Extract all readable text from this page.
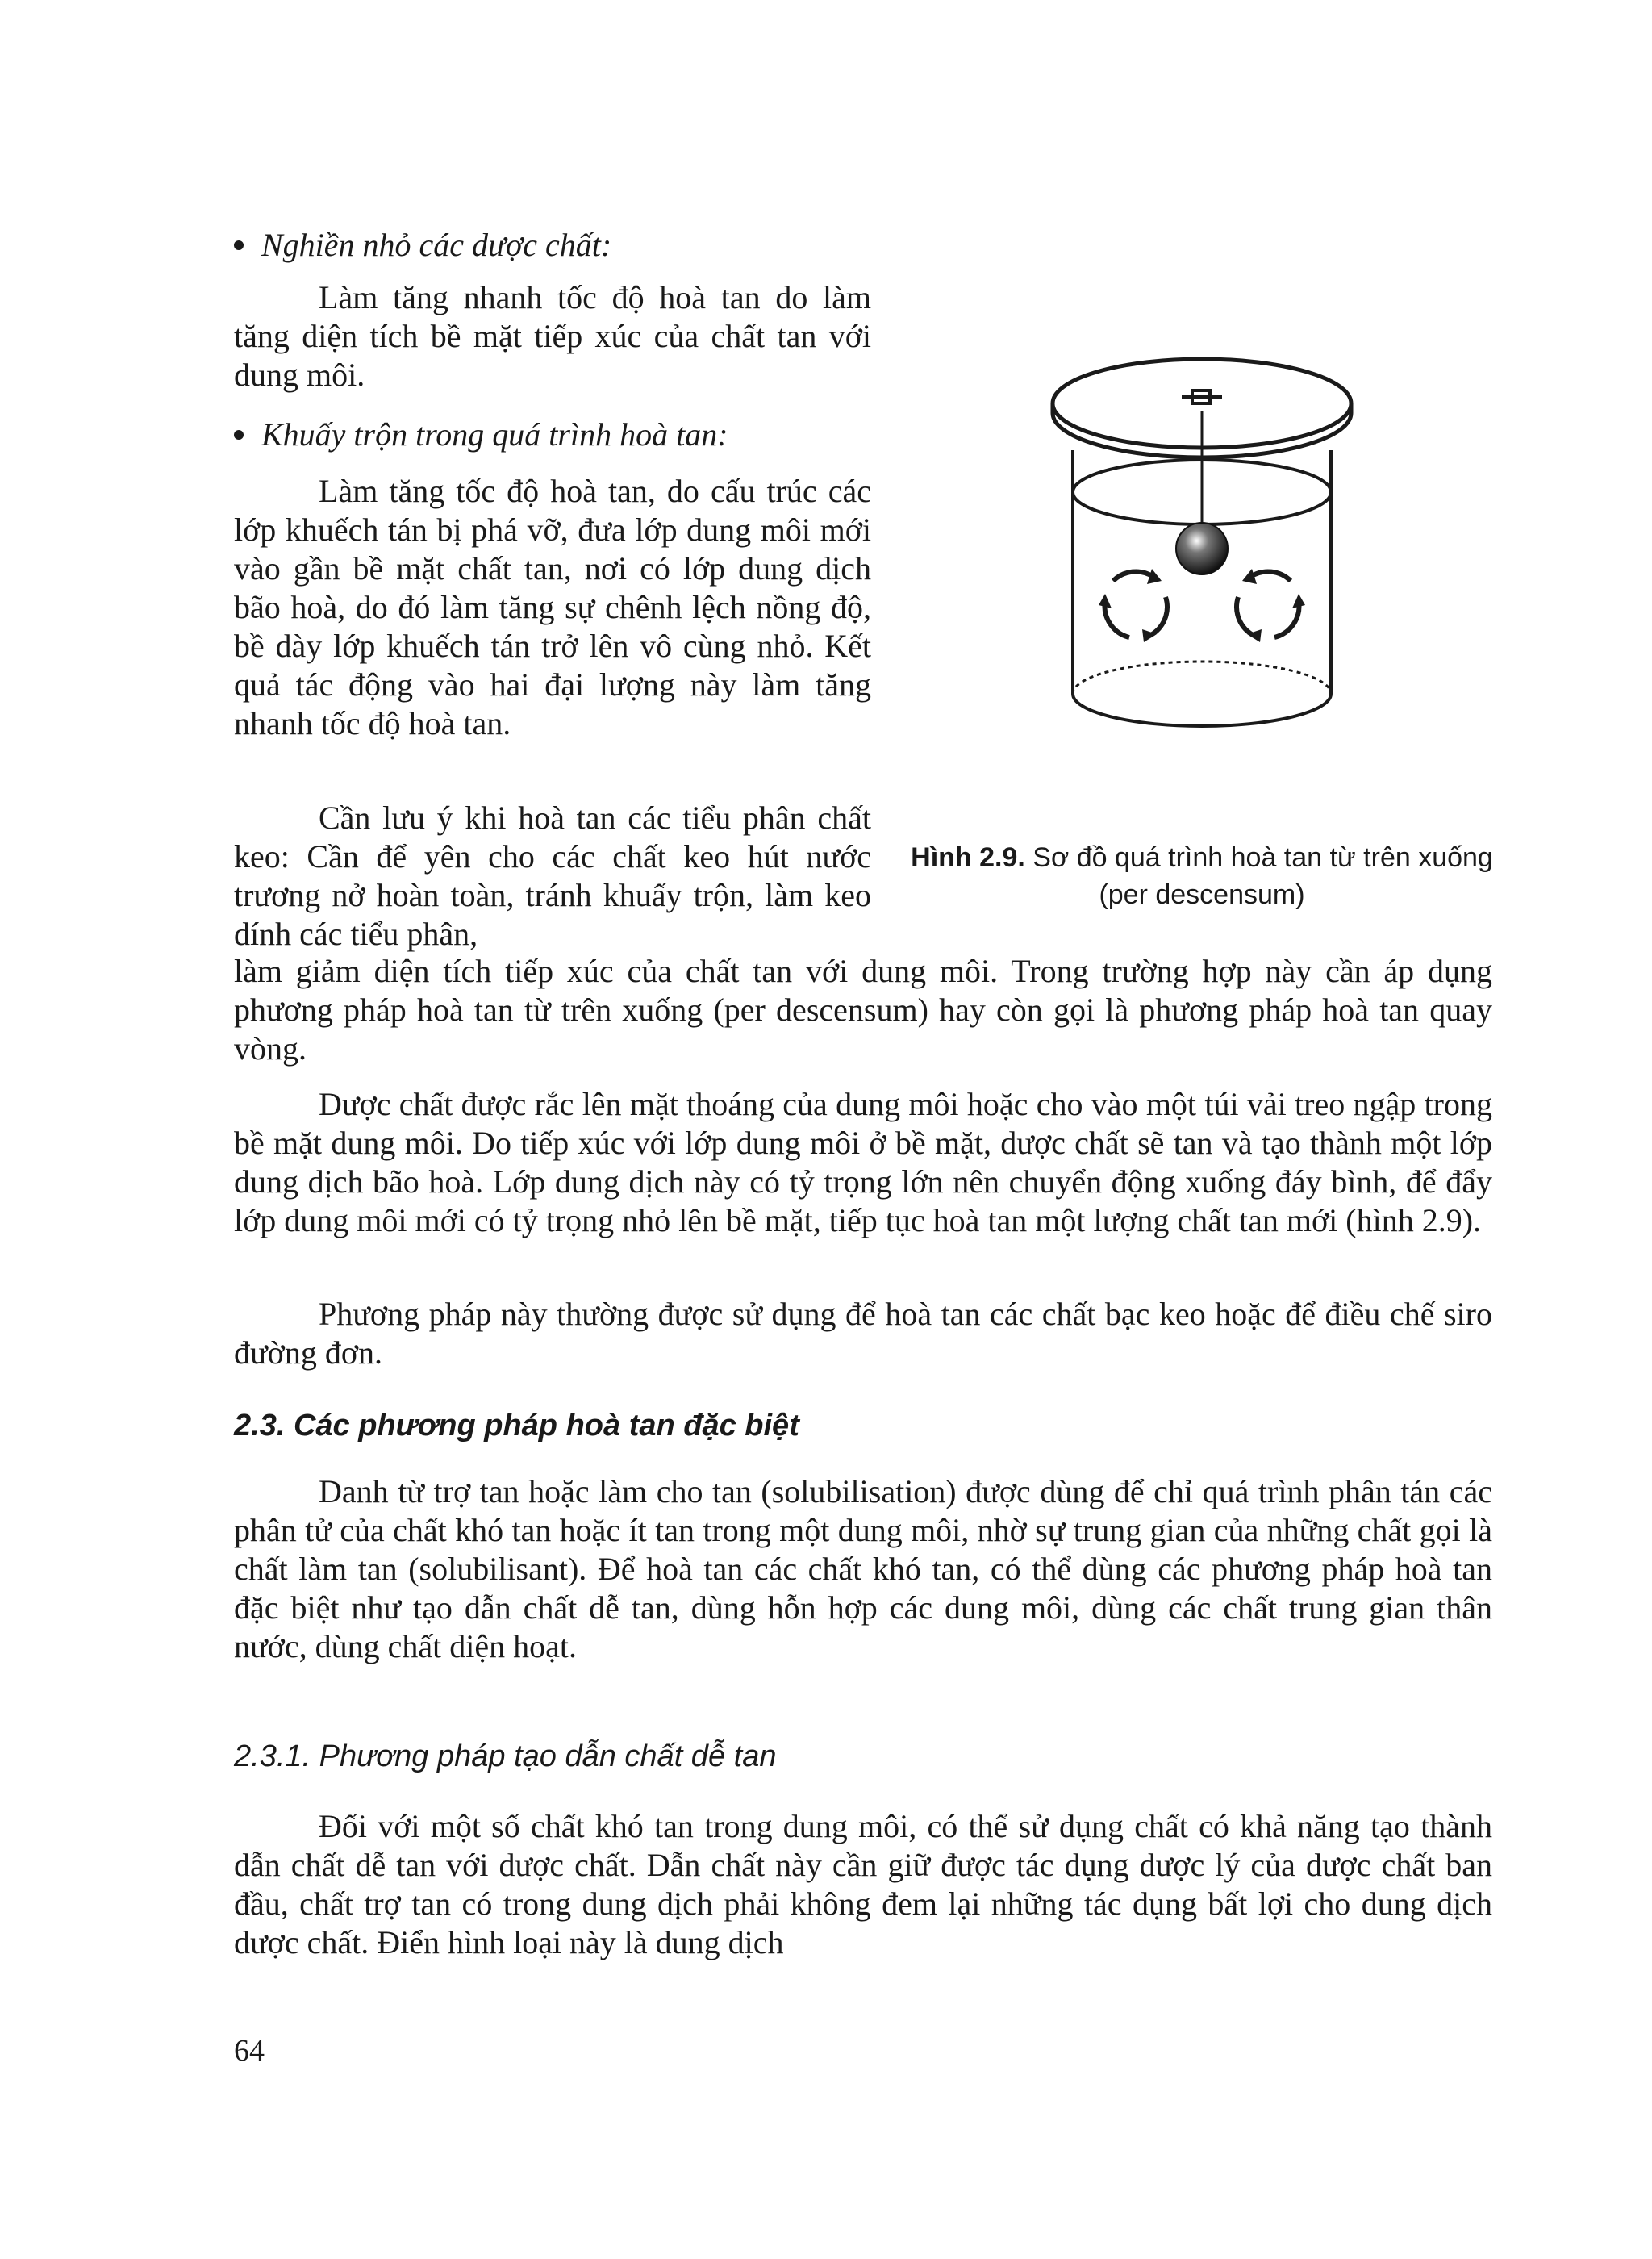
Nghiền nhỏ các dược chất:
Làm tăng nhanh tốc độ hoà tan do làm tăng diện tích bề mặt tiếp xúc của chất tan với dung môi.
Khuấy trộn trong quá trình hoà tan:
Làm tăng tốc độ hoà tan, do cấu trúc các lớp khuếch tán bị phá vỡ, đưa lớp dung môi mới vào gần bề mặt chất tan, nơi có lớp dung dịch bão hoà, do đó làm tăng sự chênh lệch nồng độ, bề dày lớp khuếch tán trở lên vô cùng nhỏ. Kết quả tác động vào hai đại lượng này làm tăng nhanh tốc độ hoà tan.
Cần lưu ý khi hoà tan các tiểu phân chất keo: Cần để yên cho các chất keo hút nước trương nở hoàn toàn, tránh khuấy trộn, làm keo dính các tiểu phân,
làm giảm diện tích tiếp xúc của chất tan với dung môi. Trong trường hợp này cần áp dụng phương pháp hoà tan từ trên xuống (per descensum) hay còn gọi là phương pháp hoà tan quay vòng.
Hình 2.9. Sơ đồ quá trình hoà tan từ trên xuống (per descensum)
Dược chất được rắc lên mặt thoáng của dung môi hoặc cho vào một túi vải treo ngập trong bề mặt dung môi. Do tiếp xúc với lớp dung môi ở bề mặt, dược chất sẽ tan và tạo thành một lớp dung dịch bão hoà. Lớp dung dịch này có tỷ trọng lớn nên chuyển động xuống đáy bình, để đẩy lớp dung môi mới có tỷ trọng nhỏ lên bề mặt, tiếp tục hoà tan một lượng chất tan mới (hình 2.9).
Phương pháp này thường được sử dụng để hoà tan các chất bạc keo hoặc để điều chế siro đường đơn.
2.3. Các phương pháp hoà tan đặc biệt
Danh từ trợ tan hoặc làm cho tan (solubilisation) được dùng để chỉ quá trình phân tán các phân tử của chất khó tan hoặc ít tan trong một dung môi, nhờ sự trung gian của những chất gọi là chất làm tan (solubilisant). Để hoà tan các chất khó tan, có thể dùng các phương pháp hoà tan đặc biệt như tạo dẫn chất dễ tan, dùng hỗn hợp các dung môi, dùng các chất trung gian thân nước, dùng chất diện hoạt.
2.3.1. Phương pháp tạo dẫn chất dễ tan
Đối với một số chất khó tan trong dung môi, có thể sử dụng chất có khả năng tạo thành dẫn chất dễ tan với dược chất. Dẫn chất này cần giữ được tác dụng dược lý của dược chất ban đầu, chất trợ tan có trong dung dịch phải không đem lại những tác dụng bất lợi cho dung dịch dược chất. Điển hình loại này là dung dịch
64
